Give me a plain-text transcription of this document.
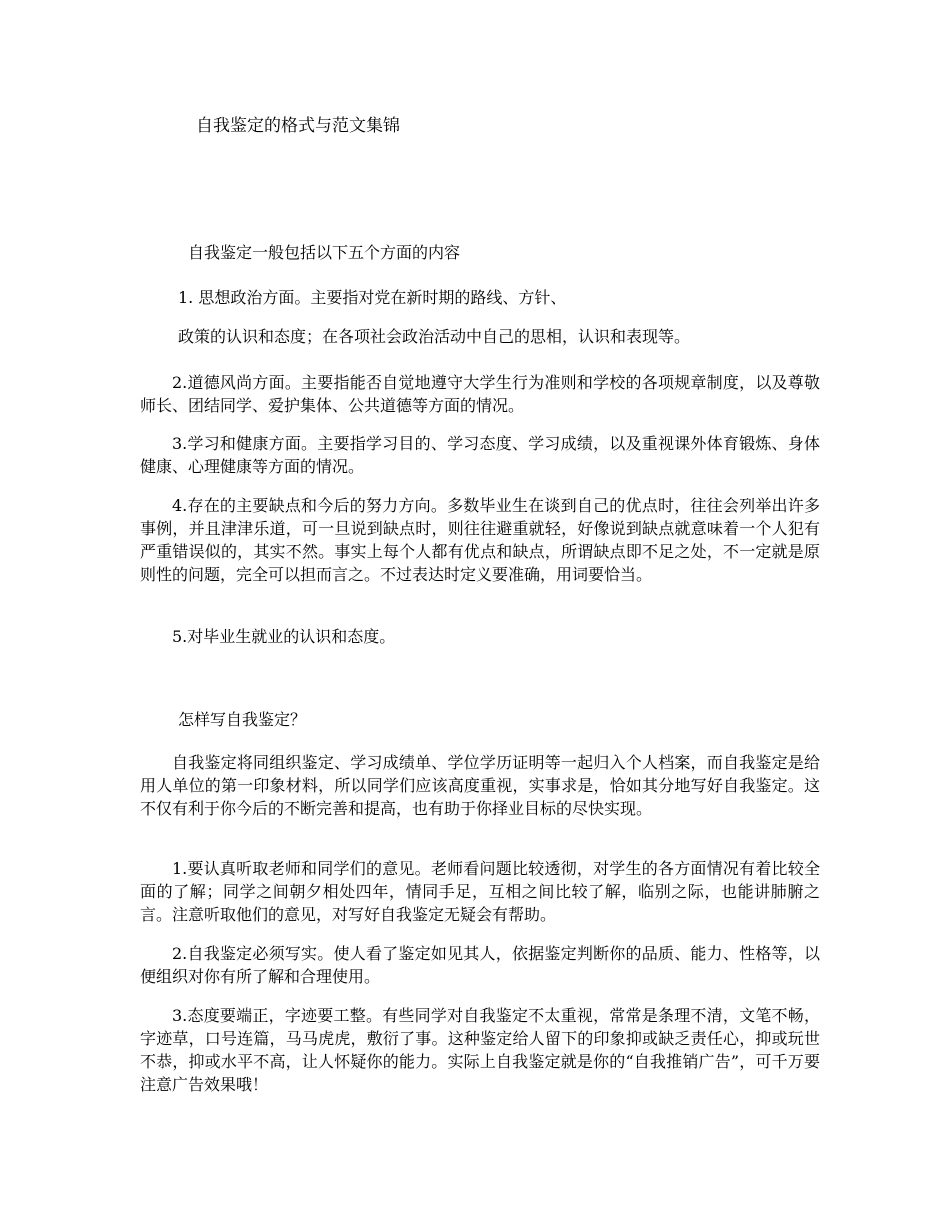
自我鉴定的格式与范文集锦
自我鉴定一般包括以下五个方面的内容

1. 思想政治方面。主要指对党在新时期的路线、方针、

政策的认识和态度；在各项社会政治活动中自己的思相，认识和表现等。

2.道德风尚方面。主要指能否自觉地遵守大学生行为准则和学校的各项规章制度，以及尊敬师长、团结同学、爱护集体、公共道德等方面的情况。

3.学习和健康方面。主要指学习目的、学习态度、学习成绩，以及重视课外体育锻炼、身体健康、心理健康等方面的情况。

4.存在的主要缺点和今后的努力方向。多数毕业生在谈到自己的优点时，往往会列举出许多事例，并且津津乐道，可一旦说到缺点时，则往往避重就轻，好像说到缺点就意味着一个人犯有严重错误似的，其实不然。事实上每个人都有优点和缺点，所谓缺点即不足之处，不一定就是原则性的问题，完全可以担而言之。不过表达时定义要准确，用词要恰当。

5.对毕业生就业的认识和态度。

怎样写自我鉴定？

自我鉴定将同组织鉴定、学习成绩单、学位学历证明等一起归入个人档案，而自我鉴定是给用人单位的第一印象材料，所以同学们应该高度重视，实事求是，恰如其分地写好自我鉴定。这不仅有利于你今后的不断完善和提高，也有助于你择业目标的尽快实现。

1.要认真听取老师和同学们的意见。老师看问题比较透彻，对学生的各方面情况有着比较全面的了解；同学之间朝夕相处四年，情同手足，互相之间比较了解，临别之际，也能讲肺腑之言。注意听取他们的意见，对写好自我鉴定无疑会有帮助。

2.自我鉴定必须写实。使人看了鉴定如见其人，依据鉴定判断你的品质、能力、性格等，以便组织对你有所了解和合理使用。

3.态度要端正，字迹要工整。有些同学对自我鉴定不太重视，常常是条理不清，文笔不畅，字迹草，口号连篇，马马虎虎，敷衍了事。这种鉴定给人留下的印象抑或缺乏责任心，抑或玩世不恭，抑或水平不高，让人怀疑你的能力。实际上自我鉴定就是你的“自我推销广告”，可千万要注意广告效果哦！
